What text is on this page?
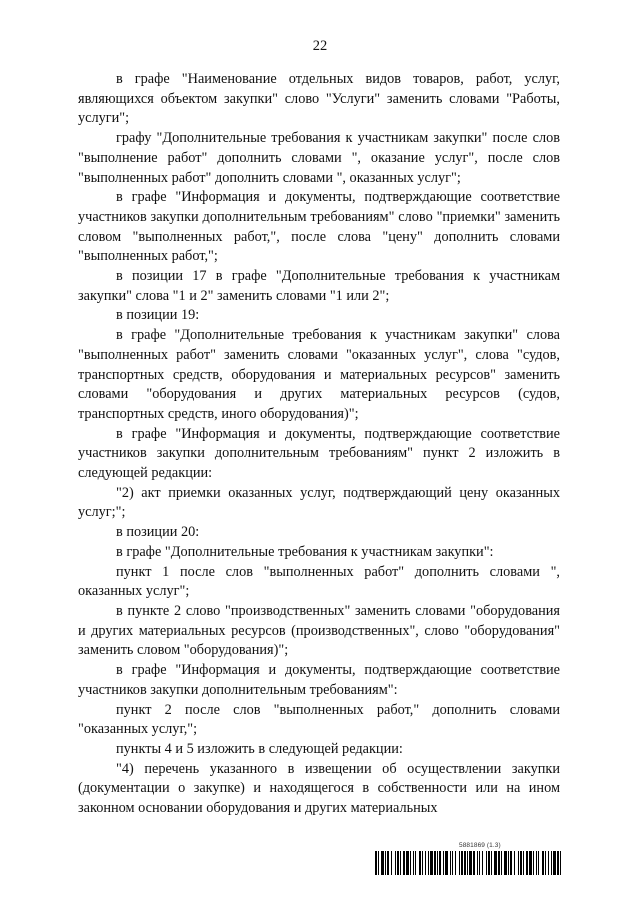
22

в графе "Наименование отдельных видов товаров, работ, услуг, являющихся объектом закупки" слово "Услуги" заменить словами "Работы, услуги";

графу "Дополнительные требования к участникам закупки" после слов "выполнение работ" дополнить словами ", оказание услуг", после слов "выполненных работ" дополнить словами ", оказанных услуг";

в графе "Информация и документы, подтверждающие соответствие участников закупки дополнительным требованиям" слово "приемки" заменить словом "выполненных работ,", после слова "цену" дополнить словами "выполненных работ,";

в позиции 17 в графе "Дополнительные требования к участникам закупки" слова "1 и 2" заменить словами "1 или 2";

в позиции 19:

в графе "Дополнительные требования к участникам закупки" слова "выполненных работ" заменить словами "оказанных услуг", слова "судов, транспортных средств, оборудования и материальных ресурсов" заменить словами "оборудования и других материальных ресурсов (судов, транспортных средств, иного оборудования)";

в графе "Информация и документы, подтверждающие соответствие участников закупки дополнительным требованиям" пункт 2 изложить в следующей редакции:

"2) акт приемки оказанных услуг, подтверждающий цену оказанных услуг;";

в позиции 20:

в графе "Дополнительные требования к участникам закупки":

пункт 1 после слов "выполненных работ" дополнить словами ", оказанных услуг";

в пункте 2 слово "производственных" заменить словами "оборудования и других материальных ресурсов (производственных", слово "оборудования" заменить словом "оборудования)";

в графе "Информация и документы, подтверждающие соответствие участников закупки дополнительным требованиям":

пункт 2 после слов "выполненных работ," дополнить словами "оказанных услуг,";

пункты 4 и 5 изложить в следующей редакции:

"4) перечень указанного в извещении об осуществлении закупки (документации о закупке) и находящегося в собственности или на ином законном основании оборудования и других материальных

5881869 (1.3)
